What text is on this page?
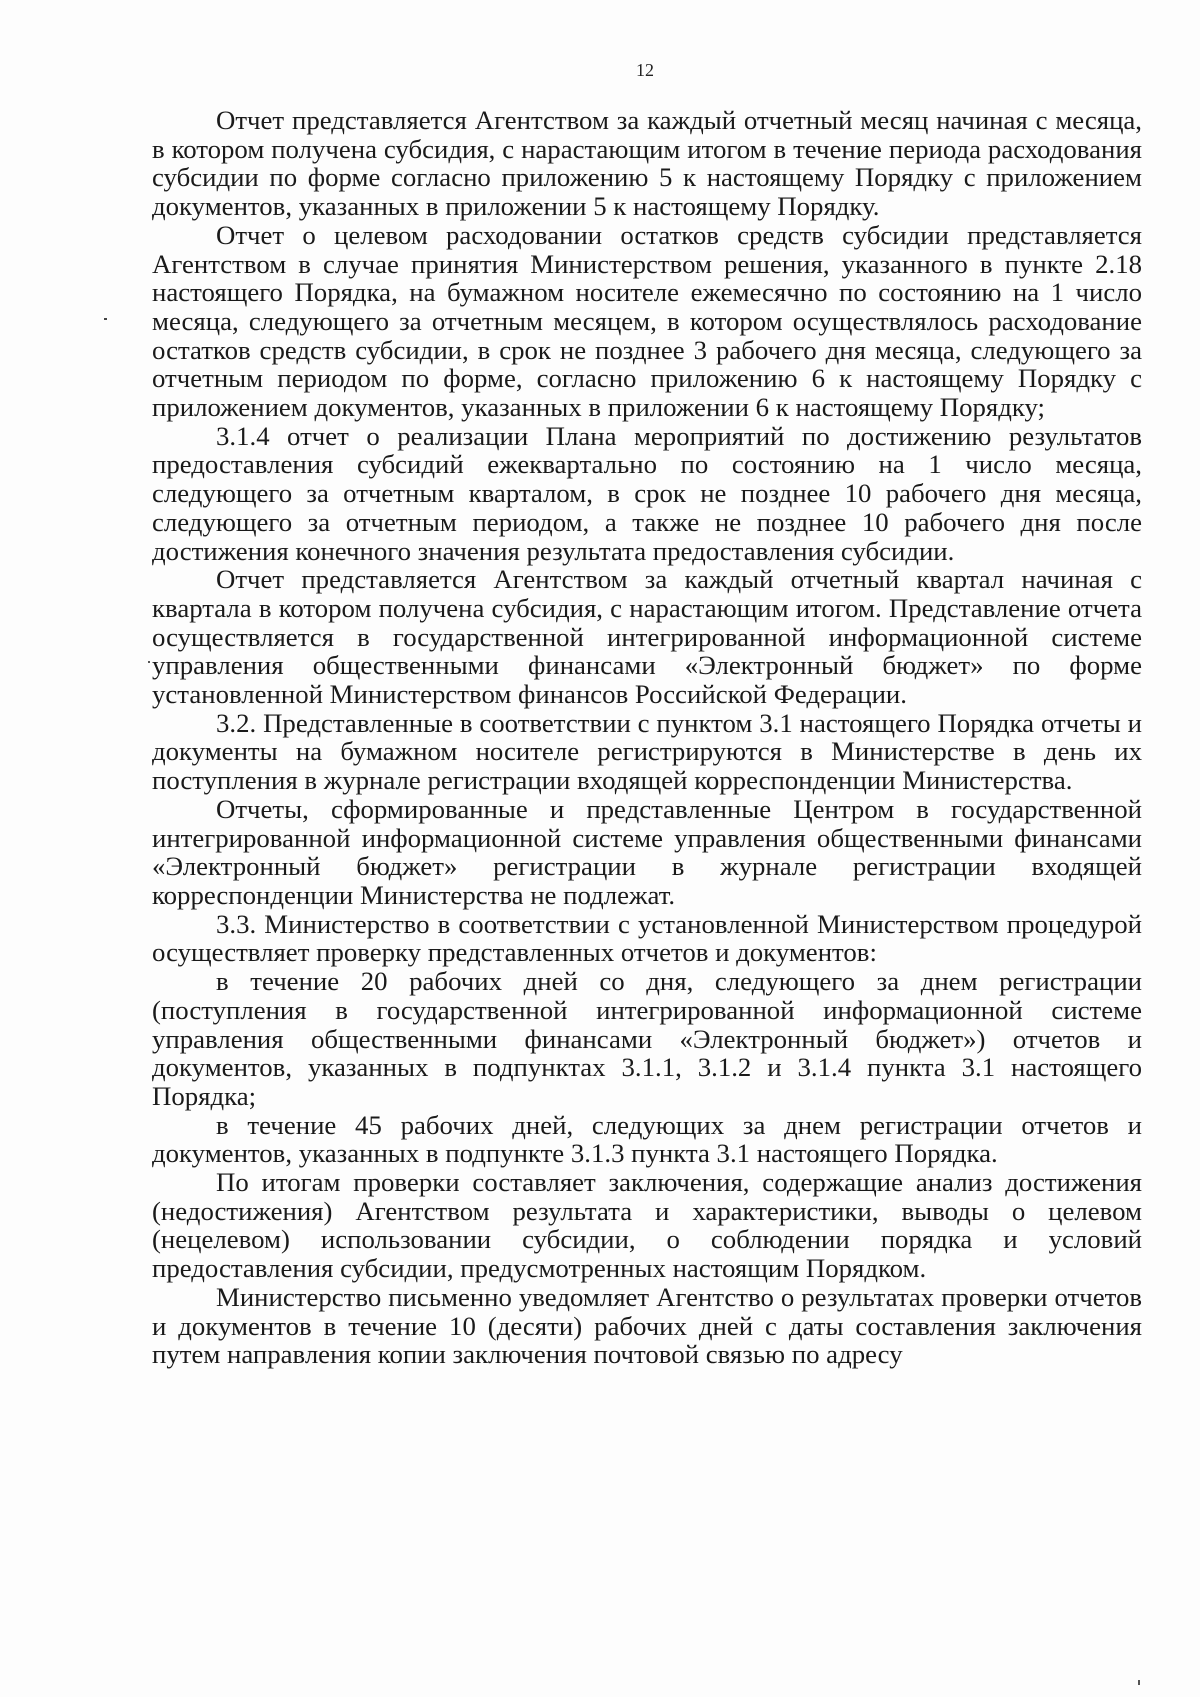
12

Отчет представляется Агентством за каждый отчетный месяц начиная с месяца, в котором получена субсидия, с нарастающим итогом в течение периода расходования субсидии по форме согласно приложению 5 к настоящему Порядку с приложением документов, указанных в приложении 5 к настоящему Порядку.

Отчет о целевом расходовании остатков средств субсидии представляется Агентством в случае принятия Министерством решения, указанного в пункте 2.18 настоящего Порядка, на бумажном носителе ежемесячно по состоянию на 1 число месяца, следующего за отчетным месяцем, в котором осуществлялось расходование остатков средств субсидии, в срок не позднее 3 рабочего дня месяца, следующего за отчетным периодом по форме, согласно приложению 6 к настоящему Порядку с приложением документов, указанных в приложении 6 к настоящему Порядку;

3.1.4 отчет о реализации Плана мероприятий по достижению результатов предоставления субсидий ежеквартально по состоянию на 1 число месяца, следующего за отчетным кварталом, в срок не позднее 10 рабочего дня месяца, следующего за отчетным периодом, а также не позднее 10 рабочего дня после достижения конечного значения результата предоставления субсидии.

Отчет представляется Агентством за каждый отчетный квартал начиная с квартала в котором получена субсидия, с нарастающим итогом. Представление отчета осуществляется в государственной интегрированной информационной системе управления общественными финансами «Электронный бюджет» по форме установленной Министерством финансов Российской Федерации.

3.2. Представленные в соответствии с пунктом 3.1 настоящего Порядка отчеты и документы на бумажном носителе регистрируются в Министерстве в день их поступления в журнале регистрации входящей корреспонденции Министерства.

Отчеты, сформированные и представленные Центром в государственной интегрированной информационной системе управления общественными финансами «Электронный бюджет» регистрации в журнале регистрации входящей корреспонденции Министерства не подлежат.

3.3. Министерство в соответствии с установленной Министерством процедурой осуществляет проверку представленных отчетов и документов:

в течение 20 рабочих дней со дня, следующего за днем регистрации (поступления в государственной интегрированной информационной системе управления общественными финансами «Электронный бюджет») отчетов и документов, указанных в подпунктах 3.1.1, 3.1.2 и 3.1.4 пункта 3.1 настоящего Порядка;

в течение 45 рабочих дней, следующих за днем регистрации отчетов и документов, указанных в подпункте 3.1.3 пункта 3.1 настоящего Порядка.

По итогам проверки составляет заключения, содержащие анализ достижения (недостижения) Агентством результата и характеристики, выводы о целевом (нецелевом) использовании субсидии, о соблюдении порядка и условий предоставления субсидии, предусмотренных настоящим Порядком.

Министерство письменно уведомляет Агентство о результатах проверки отчетов и документов в течение 10 (десяти) рабочих дней с даты составления заключения путем направления копии заключения почтовой связью по адресу
